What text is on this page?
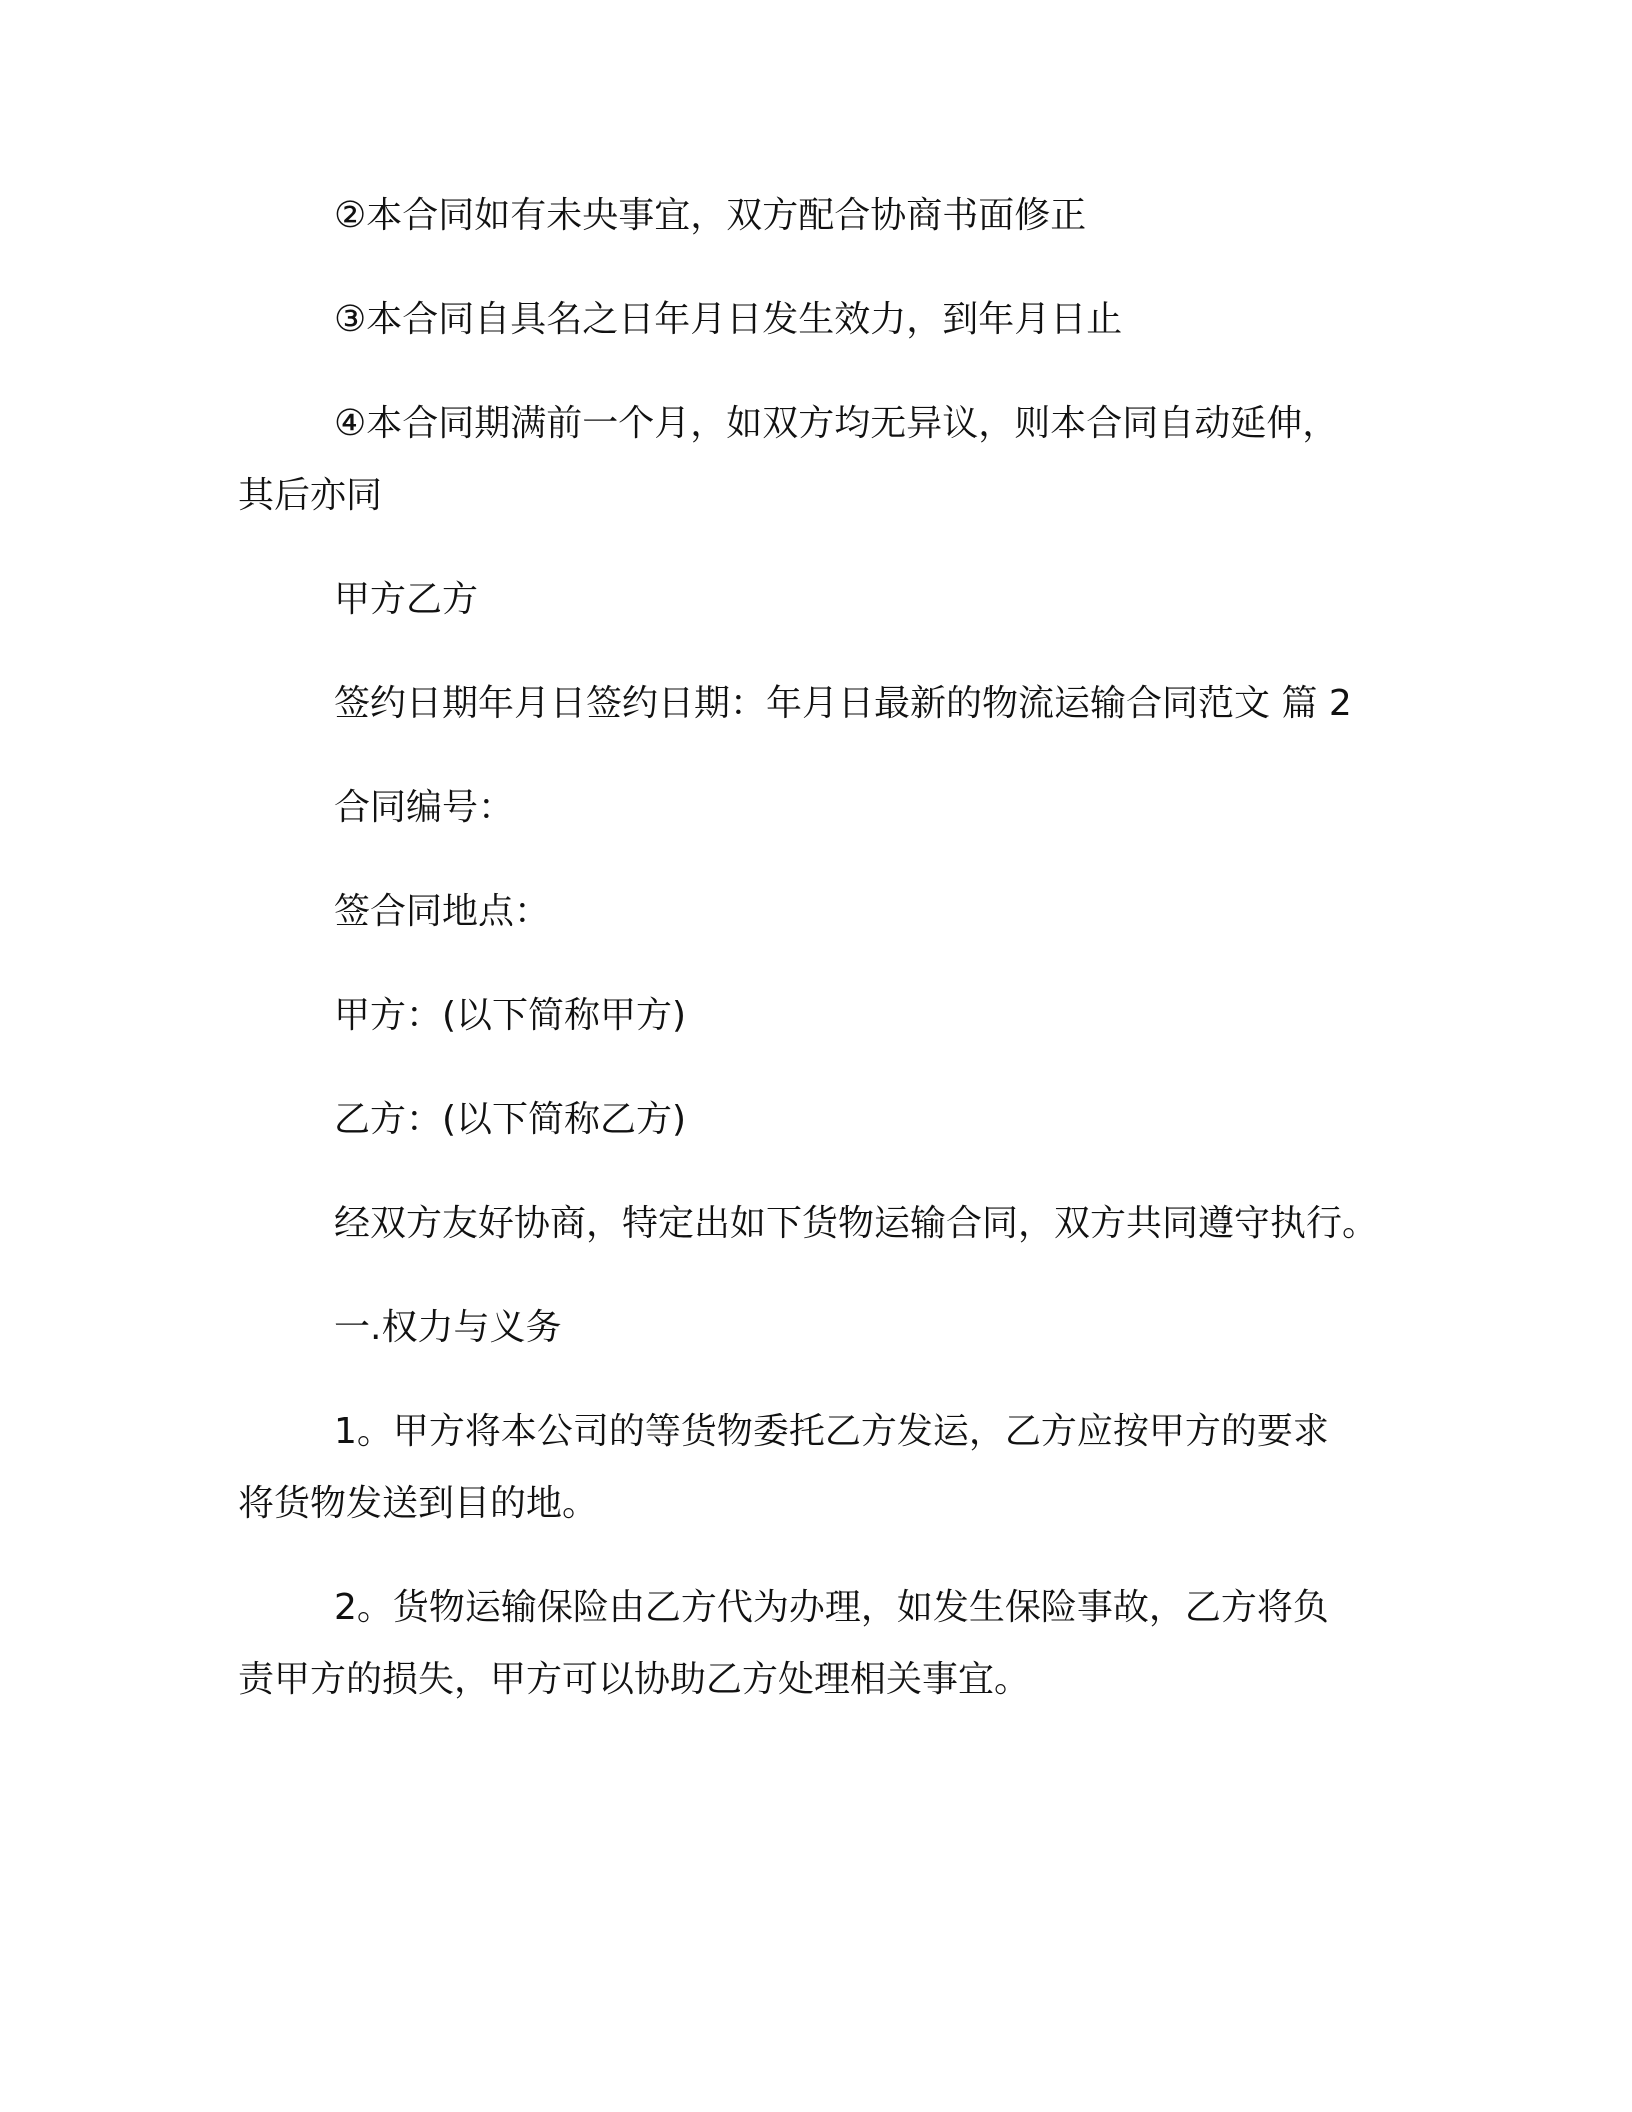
②本合同如有未央事宜，双方配合协商书面修正
③本合同自具名之日年月日发生效力，到年月日止
④本合同期满前一个月，如双方均无异议，则本合同自动延伸，
其后亦同
甲方乙方
签约日期年月日签约日期：年月日最新的物流运输合同范文 篇 2
合同编号：
签合同地点：
甲方：(以下简称甲方)
乙方：(以下简称乙方)
经双方友好协商，特定出如下货物运输合同，双方共同遵守执行。
一.权力与义务
1。甲方将本公司的等货物委托乙方发运，乙方应按甲方的要求
将货物发送到目的地。
2。货物运输保险由乙方代为办理，如发生保险事故，乙方将负
责甲方的损失，甲方可以协助乙方处理相关事宜。
